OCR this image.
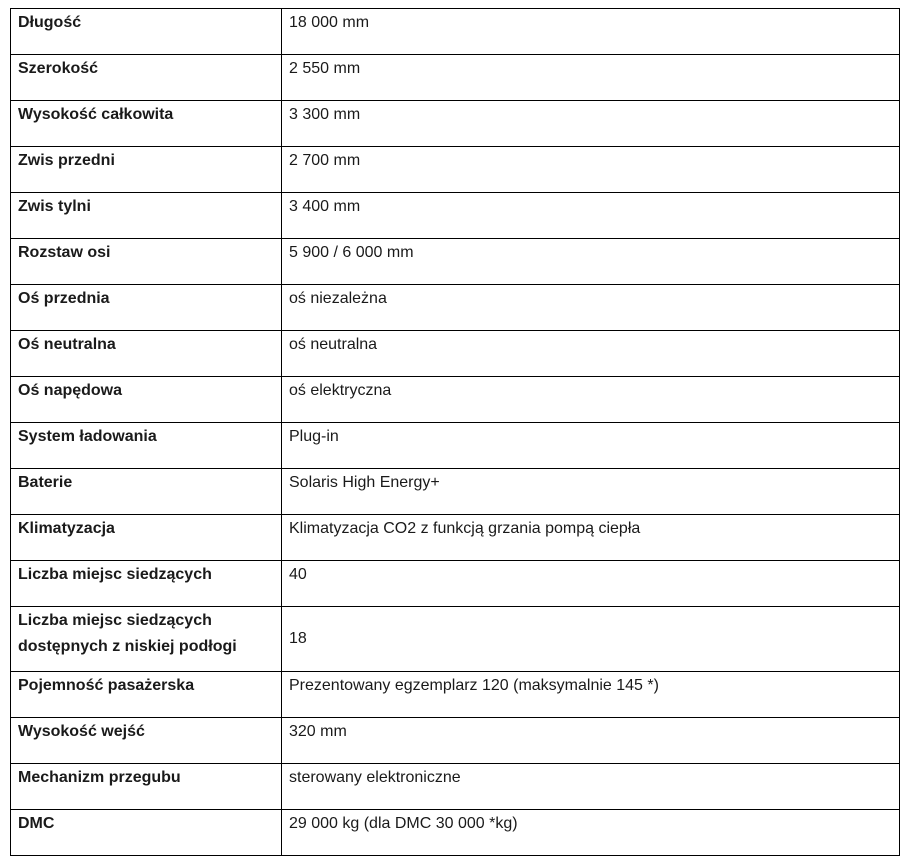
Długość	18 000 mm
Szerokość	2 550 mm
Wysokość całkowita	3 300 mm
Zwis przedni	2 700 mm
Zwis tylni	3 400 mm
Rozstaw osi	5 900 / 6 000 mm
Oś przednia	oś niezależna
Oś neutralna	oś neutralna
Oś napędowa	oś elektryczna
System ładowania	Plug-in
Baterie	Solaris High Energy+
Klimatyzacja	Klimatyzacja CO2 z funkcją grzania pompą ciepła
Liczba miejsc siedzących	40
Liczba miejsc siedzących dostępnych z niskiej podłogi	18
Pojemność pasażerska	Prezentowany egzemplarz 120 (maksymalnie 145 *)
Wysokość wejść	320 mm
Mechanizm przegubu	sterowany elektroniczne
DMC	29 000 kg (dla DMC 30 000 *kg)
